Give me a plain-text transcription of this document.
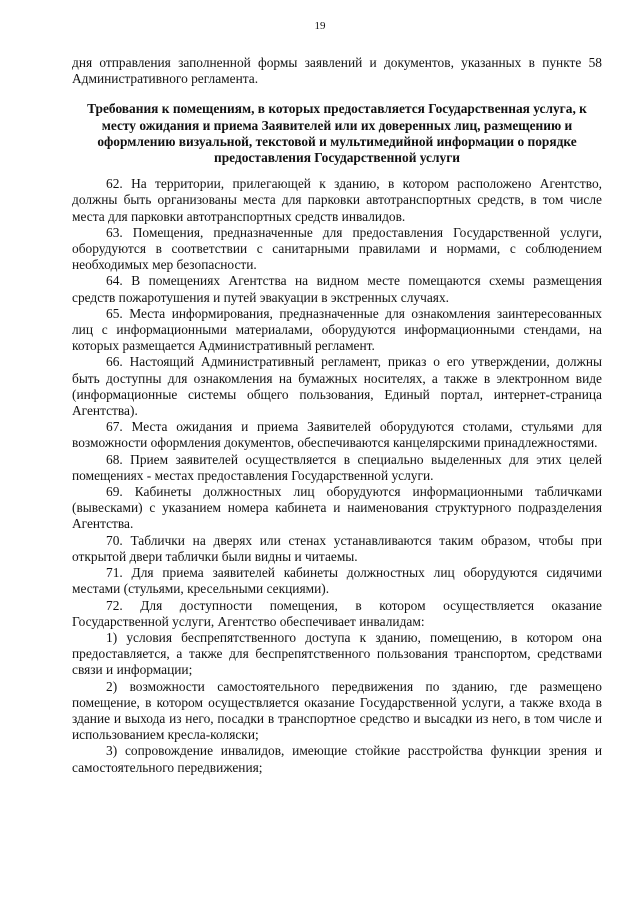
19

дня отправления заполненной формы заявлений и документов, указанных в пункте 58 Административного регламента.

Требования к помещениям, в которых предоставляется Государственная услуга, к месту ожидания и приема Заявителей или их доверенных лиц, размещению и оформлению визуальной, текстовой и мультимедийной информации о порядке предоставления Государственной услуги

62. На территории, прилегающей к зданию, в котором расположено Агентство, должны быть организованы места для парковки автотранспортных средств, в том числе места для парковки автотранспортных средств инвалидов.

63. Помещения, предназначенные для предоставления Государственной услуги, оборудуются в соответствии с санитарными правилами и нормами, с соблюдением необходимых мер безопасности.

64. В помещениях Агентства на видном месте помещаются схемы размещения средств пожаротушения и путей эвакуации в экстренных случаях.

65. Места информирования, предназначенные для ознакомления заинтересованных лиц с информационными материалами, оборудуются информационными стендами, на которых размещается Административный регламент.

66. Настоящий Административный регламент, приказ о его утверждении, должны быть доступны для ознакомления на бумажных носителях, а также в электронном виде (информационные системы общего пользования, Единый портал, интернет-страница Агентства).

67. Места ожидания и приема Заявителей оборудуются столами, стульями для возможности оформления документов, обеспечиваются канцелярскими принадлежностями.

68. Прием заявителей осуществляется в специально выделенных для этих целей помещениях - местах предоставления Государственной услуги.

69. Кабинеты должностных лиц оборудуются информационными табличками (вывесками) с указанием номера кабинета и наименования структурного подразделения Агентства.

70. Таблички на дверях или стенах устанавливаются таким образом, чтобы при открытой двери таблички были видны и читаемы.

71. Для приема заявителей кабинеты должностных лиц оборудуются сидячими местами (стульями, кресельными секциями).

72. Для доступности помещения, в котором осуществляется оказание Государственной услуги, Агентство обеспечивает инвалидам:

1) условия беспрепятственного доступа к зданию, помещению, в котором она предоставляется, а также для беспрепятственного пользования транспортом, средствами связи и информации;

2) возможности самостоятельного передвижения по зданию, где размещено помещение, в котором осуществляется оказание Государственной услуги, а также входа в здание и выхода из него, посадки в транспортное средство и высадки из него, в том числе и использованием кресла-коляски;

3) сопровождение инвалидов, имеющие стойкие расстройства функции зрения и самостоятельного передвижения;
